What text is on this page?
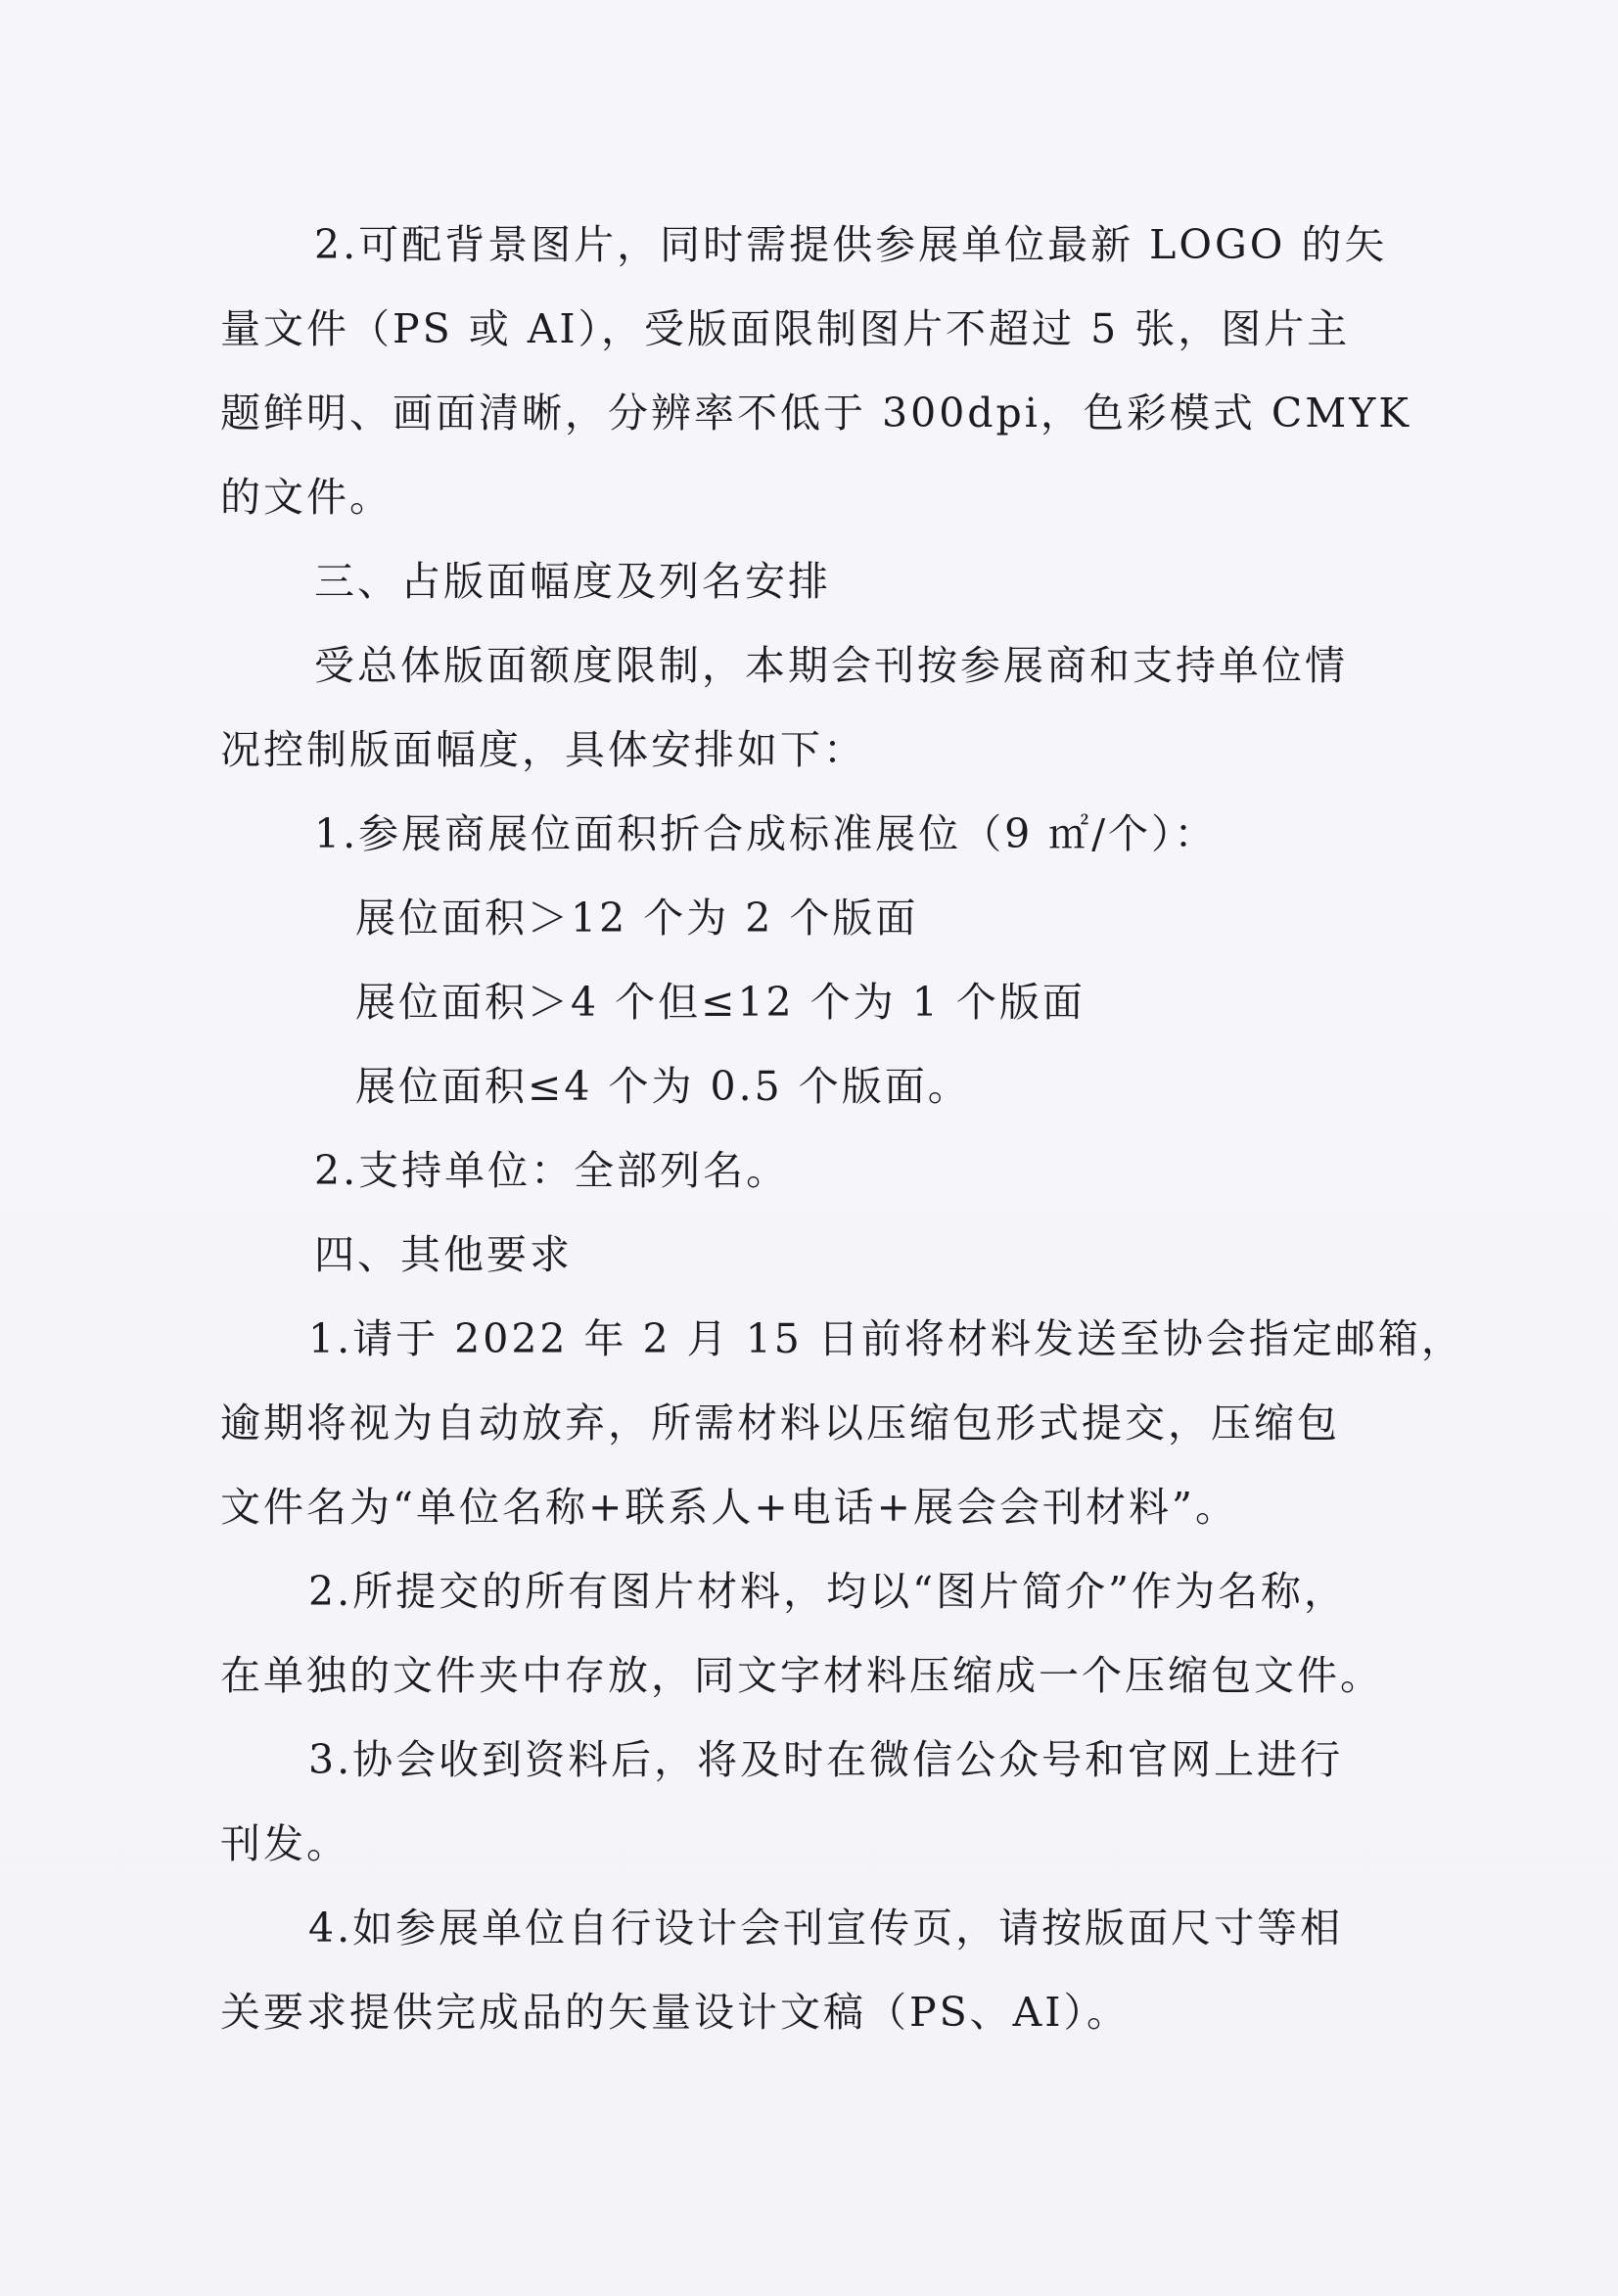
2.可配背景图片，同时需提供参展单位最新 LOGO 的矢
量文件（PS 或 AI），受版面限制图片不超过 5 张，图片主
题鲜明、画面清晰，分辨率不低于 300dpi，色彩模式 CMYK
的文件。
三、占版面幅度及列名安排
受总体版面额度限制，本期会刊按参展商和支持单位情
况控制版面幅度，具体安排如下：
1.参展商展位面积折合成标准展位（9 ㎡/个）：
展位面积＞12 个为 2 个版面
展位面积＞4 个但≤12 个为 1 个版面
展位面积≤4 个为 0.5 个版面。
2.支持单位：全部列名。
四、其他要求
1.请于 2022 年 2 月 15 日前将材料发送至协会指定邮箱，
逾期将视为自动放弃，所需材料以压缩包形式提交，压缩包
文件名为“单位名称+联系人+电话+展会会刊材料”。
2.所提交的所有图片材料，均以“图片简介”作为名称，
在单独的文件夹中存放，同文字材料压缩成一个压缩包文件。
3.协会收到资料后，将及时在微信公众号和官网上进行
刊发。
4.如参展单位自行设计会刊宣传页，请按版面尺寸等相
关要求提供完成品的矢量设计文稿（PS、AI）。
